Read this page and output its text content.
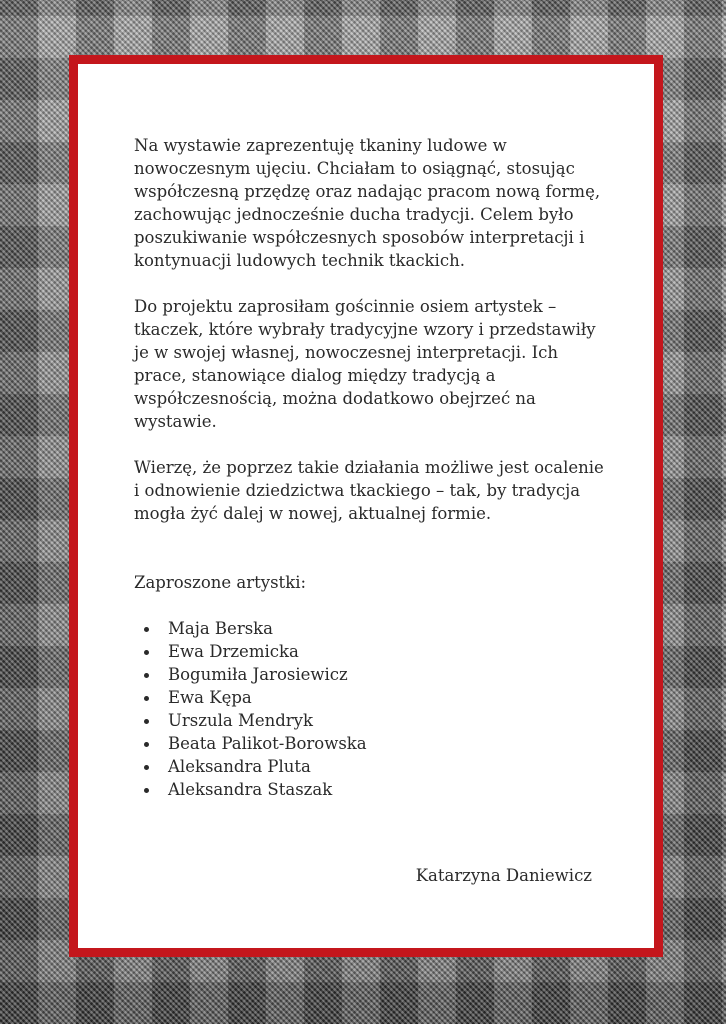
Na wystawie zaprezentuję tkaniny ludowe w nowoczesnym ujęciu. Chciałam to osiągnąć, stosując współczesną przędzę oraz nadając pracom nową formę, zachowując jednocześnie ducha tradycji. Celem było poszukiwanie współczesnych sposobów interpretacji i kontynuacji ludowych technik tkackich.

Do projektu zaprosiłam gościnnie osiem artystek – tkaczek, które wybrały tradycyjne wzory i przedstawiły je w swojej własnej, nowoczesnej interpretacji. Ich prace, stanowiące dialog między tradycją a współczesnością, można dodatkowo obejrzeć na wystawie.

Wierzę, że poprzez takie działania możliwe jest ocalenie i odnowienie dziedzictwa tkackiego – tak, by tradycja mogła żyć dalej w nowej, aktualnej formie.

Zaproszone artystki:

Maja Berska
Ewa Drzemicka
Bogumiła Jarosiewicz
Ewa Kępa
Urszula Mendryk
Beata Palikot-Borowska
Aleksandra Pluta
Aleksandra Staszak
Katarzyna Daniewicz
